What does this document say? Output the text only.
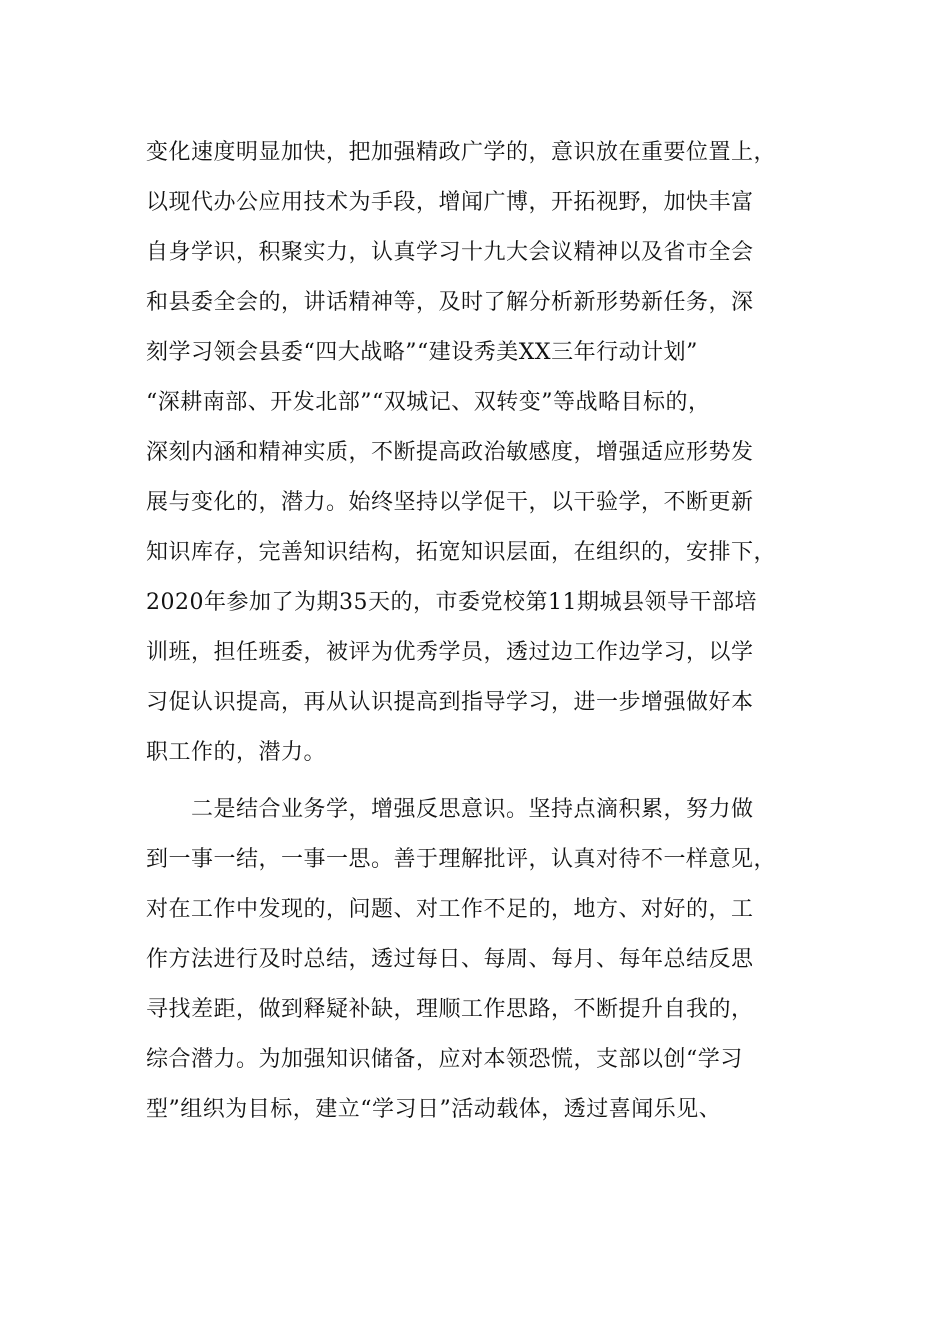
变化速度明显加快，把加强精政广学的，意识放在重要位置上，
以现代办公应用技术为手段，增闻广博，开拓视野，加快丰富
自身学识，积聚实力，认真学习十九大会议精神以及省市全会
和县委全会的，讲话精神等，及时了解分析新形势新任务，深
刻学习领会县委“四大战略”“建设秀美XX三年行动计划”
“深耕南部、开发北部”“双城记、双转变”等战略目标的，
深刻内涵和精神实质，不断提高政治敏感度，增强适应形势发
展与变化的，潜力。始终坚持以学促干，以干验学，不断更新
知识库存，完善知识结构，拓宽知识层面，在组织的，安排下，
2020年参加了为期35天的，市委党校第11期城县领导干部培
训班，担任班委，被评为优秀学员，透过边工作边学习，以学
习促认识提高，再从认识提高到指导学习，进一步增强做好本
职工作的，潜力。
　　二是结合业务学，增强反思意识。坚持点滴积累，努力做
到一事一结，一事一思。善于理解批评，认真对待不一样意见，
对在工作中发现的，问题、对工作不足的，地方、对好的，工
作方法进行及时总结，透过每日、每周、每月、每年总结反思
寻找差距，做到释疑补缺，理顺工作思路，不断提升自我的，
综合潜力。为加强知识储备，应对本领恐慌，支部以创“学习
型”组织为目标，建立“学习日”活动载体，透过喜闻乐见、
